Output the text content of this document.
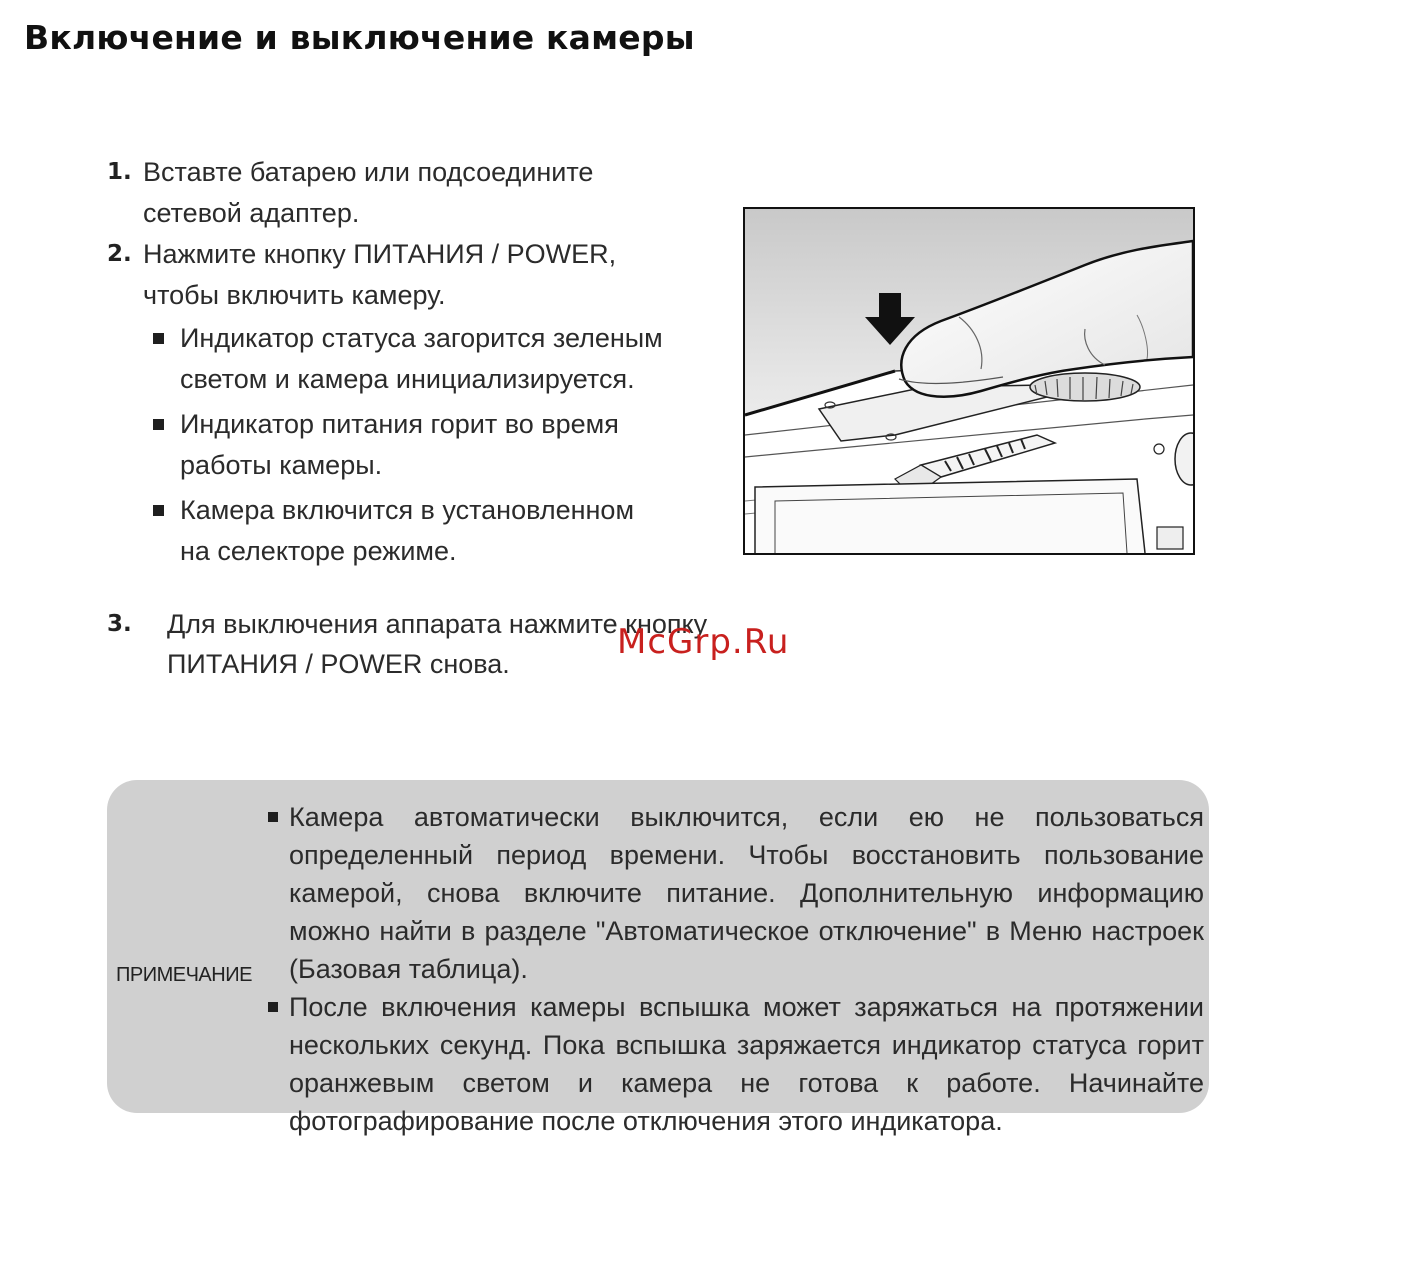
Включение и выключение камеры
1. Вставте батарею или подсоедините сетевой адаптер.
2. Нажмите кнопку ПИТАНИЯ / POWER, чтобы включить камеру.
Индикатор статуса загорится зеленым светом и камера инициализируется.
Индикатор питания горит во время работы камеры.
Камера включится в установленном на селекторе режиме.
3. Для выключения аппарата нажмите кнопку ПИТАНИЯ / POWER снова.
McGrp.Ru
ПРИМЕЧАНИЕ
Камера автоматически выключится, если ею не пользоваться определенный период времени. Чтобы восстановить пользование камерой, снова включите питание. Дополнительную информацию можно найти в разделе "Автоматическое отключение" в Меню настроек (Базовая таблица).
После включения камеры вспышка может заряжаться на протяжении нескольких секунд. Пока вспышка заряжается индикатор статуса горит оранжевым светом и камера не готова к работе. Начинайте фотографирование после отключения этого индикатора.
